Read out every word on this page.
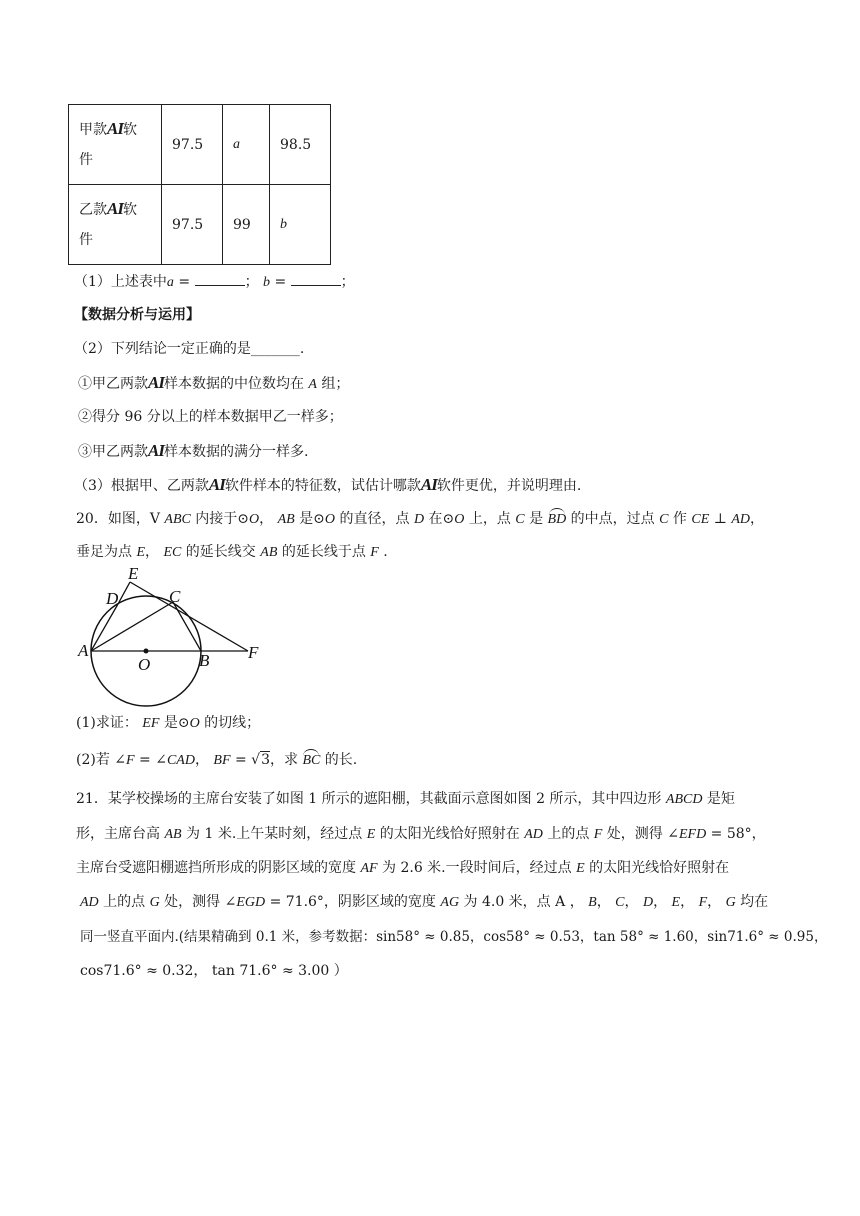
甲款AI软
件	97.5	a	98.5
乙款AI软
件	97.5	99	b
（1）上述表中a =	； b =	；
【数据分析与运用】
（2）下列结论一定正确的是_______.
①甲乙两款AI样本数据的中位数均在 A 组；
②得分 96 分以上的样本数据甲乙一样多；
③甲乙两款AI样本数据的满分一样多.
（3）根据甲、乙两款AI软件样本的特征数，试估计哪款AI软件更优，并说明理由.
20．如图，V ABC 内接于⊙O， AB 是⊙O 的直径，点 D 在⊙O 上，点 C 是 BD 的中点，过点 C 作 CE ⊥ AD，
垂足为点 E， EC 的延长线交 AB 的延长线于点 F .
E
D	C
A
O	B F
(1)求证： EF 是⊙O 的切线；
(2)若 ∠F = ∠CAD， BF = √3，求 BC 的长.
21．某学校操场的主席台安装了如图 1 所示的遮阳棚，其截面示意图如图 2 所示，其中四边形 ABCD 是矩
形，主席台高 AB 为 1 米.上午某时刻，经过点 E 的太阳光线恰好照射在 AD 上的点 F 处，测得 ∠EFD = 58°，
主席台受遮阳棚遮挡所形成的阴影区域的宽度 AF 为 2.6 米.一段时间后，经过点 E 的太阳光线恰好照射在
AD 上的点 G 处，测得 ∠EGD = 71.6°，阴影区域的宽度 AG 为 4.0 米，点 A ， B， C， D， E， F， G 均在
同一竖直平面内.(结果精确到 0.1 米，参考数据：sin58° ≈ 0.85，cos58° ≈ 0.53，tan 58° ≈ 1.60，sin71.6° ≈ 0.95，
cos71.6° ≈ 0.32， tan 71.6° ≈ 3.00 ）
